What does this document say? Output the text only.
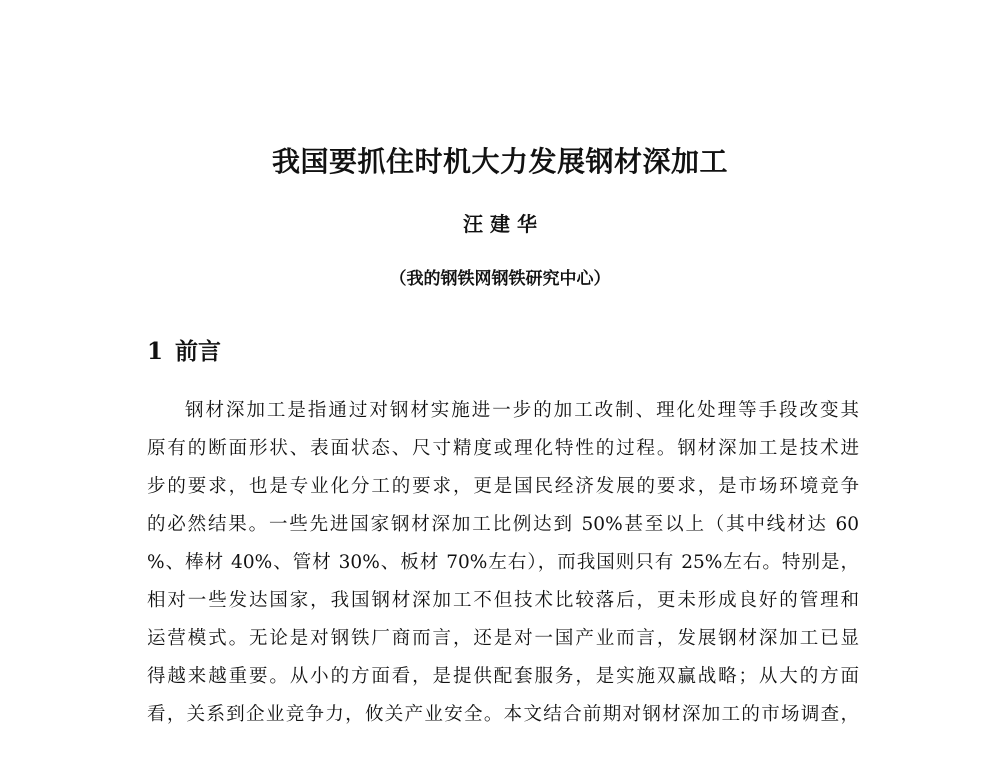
我国要抓住时机大力发展钢材深加工
汪 建 华
（我的钢铁网钢铁研究中心）
1 前言
钢材深加工是指通过对钢材实施进一步的加工改制、理化处理等手段改变其
原有的断面形状、表面状态、尺寸精度或理化特性的过程。钢材深加工是技术进
步的要求，也是专业化分工的要求，更是国民经济发展的要求，是市场环境竞争
的必然结果。一些先进国家钢材深加工比例达到 50%甚至以上（其中线材达 60
%、棒材 40%、管材 30%、板材 70%左右），而我国则只有 25%左右。特别是，
相对一些发达国家，我国钢材深加工不但技术比较落后，更未形成良好的管理和
运营模式。无论是对钢铁厂商而言，还是对一国产业而言，发展钢材深加工已显
得越来越重要。从小的方面看，是提供配套服务，是实施双赢战略；从大的方面
看，关系到企业竞争力，攸关产业安全。本文结合前期对钢材深加工的市场调查，
